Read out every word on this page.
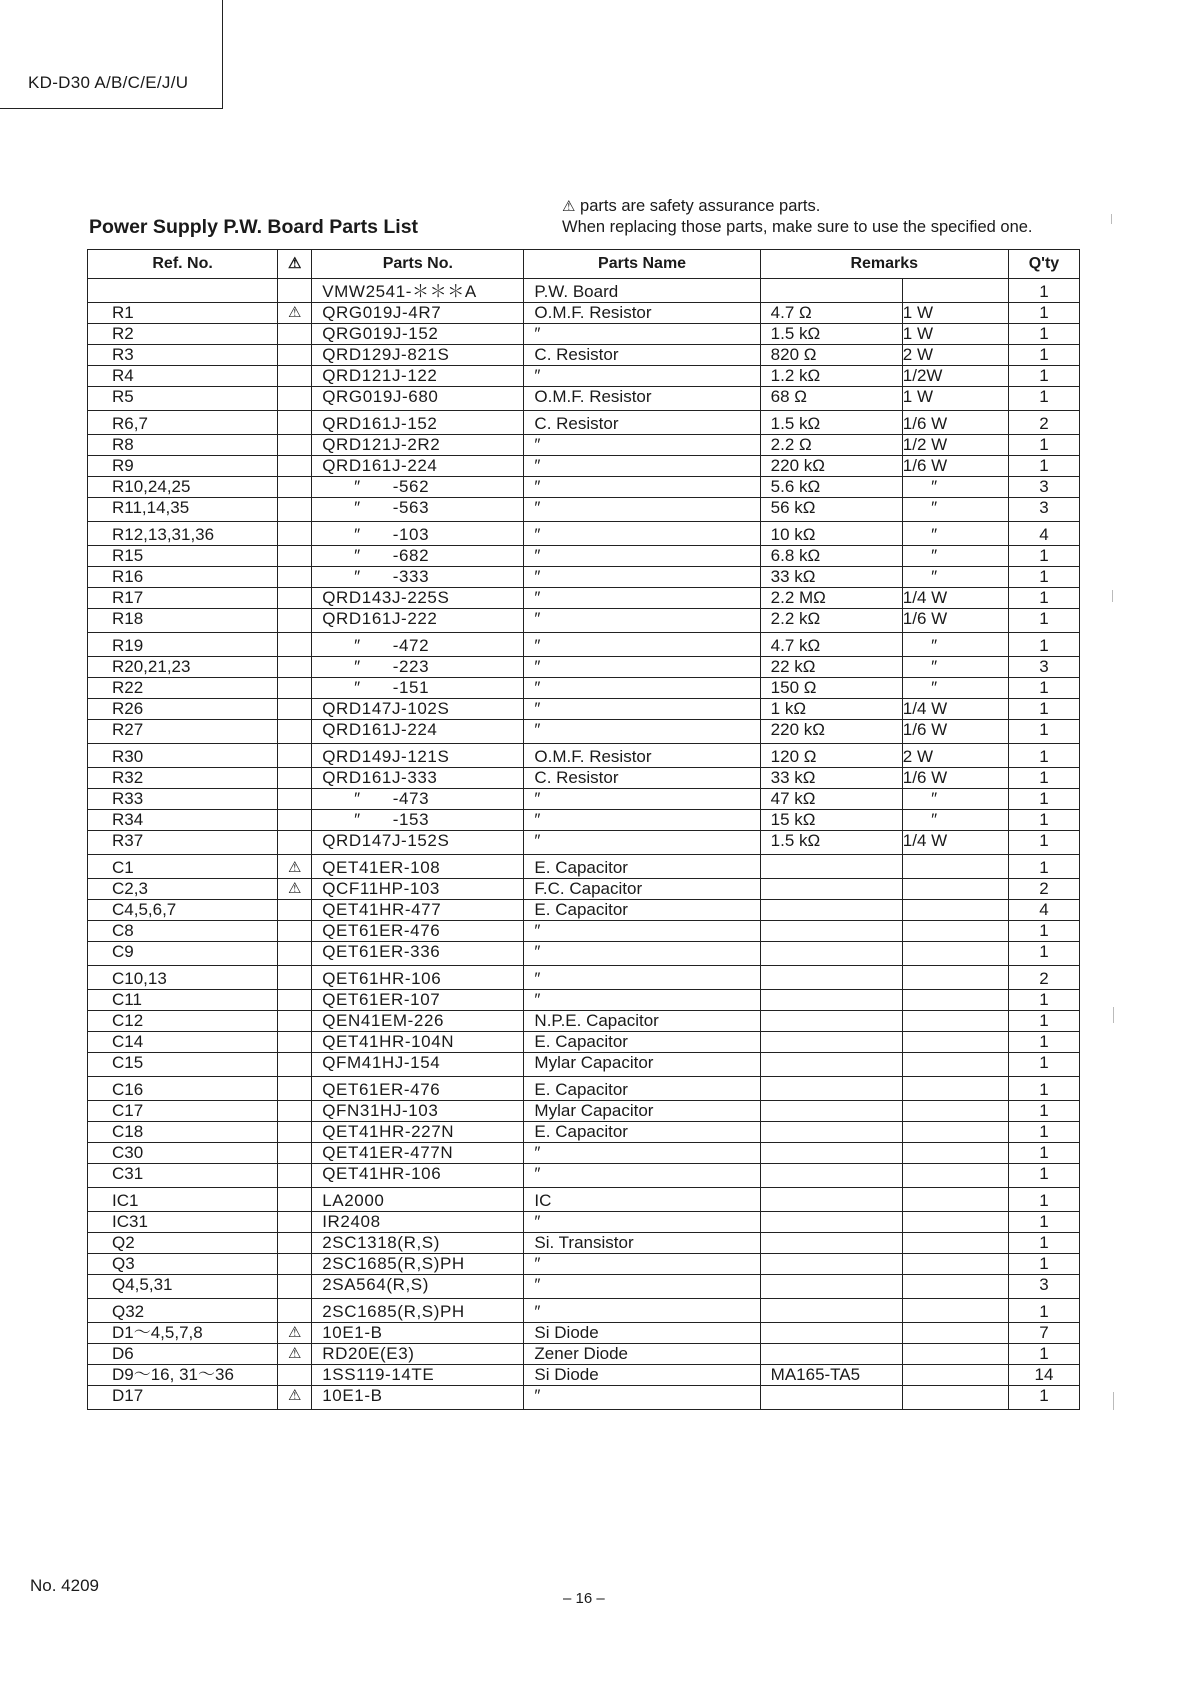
KD-D30 A/B/C/E/J/U
Power Supply P.W. Board Parts List
⚠ parts are safety assurance parts.
When replacing those parts, make sure to use the specified one.
Ref. No.	⚠	Parts No.	Parts Name	Remarks		Q'ty
		VMW2541-＊＊＊A	P.W. Board			1
R1	⚠	QRG019J-4R7	O.M.F. Resistor	4.7 Ω	1 W	1
R2		QRG019J-152	″	1.5 kΩ	1 W	1
R3		QRD129J-821S	C. Resistor	820 Ω	2 W	1
R4		QRD121J-122	″	1.2 kΩ	1/2W	1
R5		QRG019J-680	O.M.F. Resistor	68 Ω	1 W	1
R6,7		QRD161J-152	C. Resistor	1.5 kΩ	1/6 W	2
R8		QRD121J-2R2	″	2.2 Ω	1/2 W	1
R9		QRD161J-224	″	220 kΩ	1/6 W	1
R10,24,25		″      -562	″	5.6 kΩ	″	3
R11,14,35		″      -563	″	56 kΩ	″	3
R12,13,31,36		″      -103	″	10 kΩ	″	4
R15		″      -682	″	6.8 kΩ	″	1
R16		″      -333	″	33 kΩ	″	1
R17		QRD143J-225S	″	2.2 MΩ	1/4 W	1
R18		QRD161J-222	″	2.2 kΩ	1/6 W	1
R19		″      -472	″	4.7 kΩ	″	1
R20,21,23		″      -223	″	22 kΩ	″	3
R22		″      -151	″	150 Ω	″	1
R26		QRD147J-102S	″	1 kΩ	1/4 W	1
R27		QRD161J-224	″	220 kΩ	1/6 W	1
R30		QRD149J-121S	O.M.F. Resistor	120 Ω	2 W	1
R32		QRD161J-333	C. Resistor	33 kΩ	1/6 W	1
R33		″      -473	″	47 kΩ	″	1
R34		″      -153	″	15 kΩ	″	1
R37		QRD147J-152S	″	1.5 kΩ	1/4 W	1
C1	⚠	QET41ER-108	E. Capacitor			1
C2,3	⚠	QCF11HP-103	F.C. Capacitor			2
C4,5,6,7		QET41HR-477	E. Capacitor			4
C8		QET61ER-476	″			1
C9		QET61ER-336	″			1
C10,13		QET61HR-106	″			2
C11		QET61ER-107	″			1
C12		QEN41EM-226	N.P.E. Capacitor			1
C14		QET41HR-104N	E. Capacitor			1
C15		QFM41HJ-154	Mylar Capacitor			1
C16		QET61ER-476	E. Capacitor			1
C17		QFN31HJ-103	Mylar Capacitor			1
C18		QET41HR-227N	E. Capacitor			1
C30		QET41ER-477N	″			1
C31		QET41HR-106	″			1
IC1		LA2000	IC			1
IC31		IR2408	″			1
Q2		2SC1318(R,S)	Si. Transistor			1
Q3		2SC1685(R,S)PH	″			1
Q4,5,31		2SA564(R,S)	″			3
Q32		2SC1685(R,S)PH	″			1
D1～4,5,7,8	⚠	10E1-B	Si Diode			7
D6	⚠	RD20E(E3)	Zener Diode			1
D9～16, 31～36		1SS119-14TE	Si Diode	MA165-TA5		14
D17	⚠	10E1-B	″			1
No. 4209
– 16 –
